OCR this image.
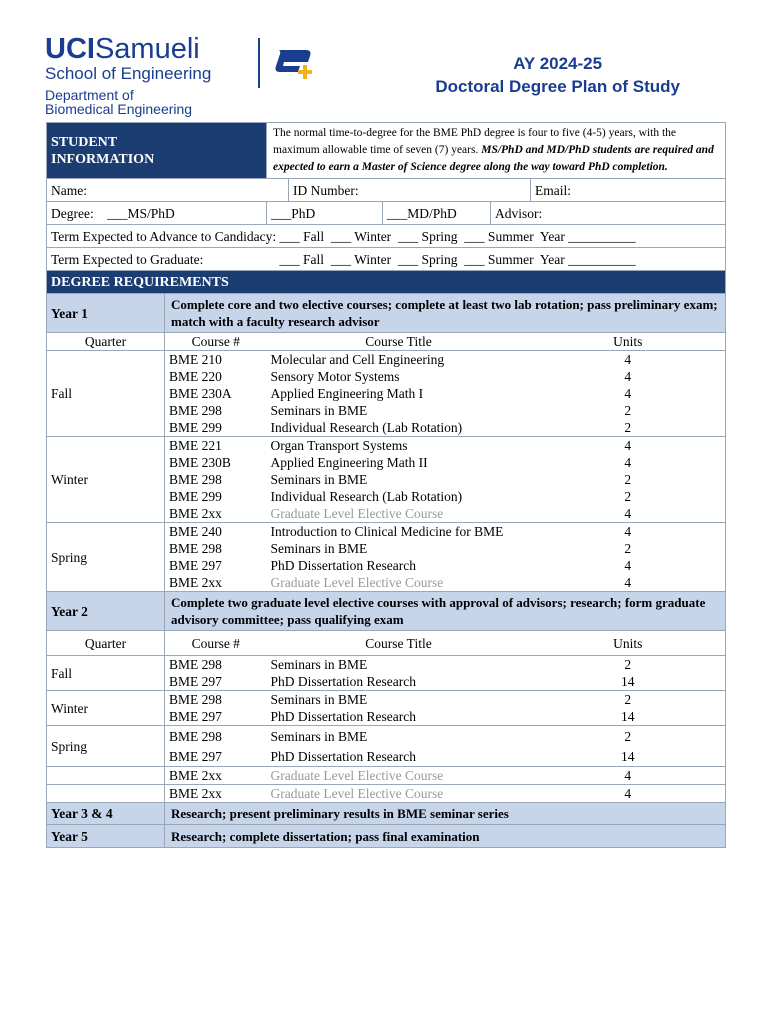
UCISamueli
School of Engineering
Department of
Biomedical Engineering
AY 2024-25
Doctoral Degree Plan of Study
STUDENT
INFORMATION		The normal time-to-degree for the BME PhD degree is four to five (4-5) years, with the maximum allowable time of seven (7) years. MS/PhD and MD/PhD students are required and expected to earn a Master of Science degree along the way toward PhD completion.				
Name:			ID Number:			Email:
Degree: ___MS/PhD		___PhD		___MD/PhD	Advisor:	
Term Expected to Advance to Candidacy: ___ Fall  ___ Winter  ___ Spring  ___ Summer  Year __________						
Term Expected to Graduate: ___ Fall  ___ Winter  ___ Spring  ___ Summer  Year __________						
DEGREE REQUIREMENTS						
Year 1	Complete core and two elective courses; complete at least two lab rotation; pass preliminary exam; match with a faculty research advisor					
Quarter	Course #	Course Title				Units
Fall	BME 210	Molecular and Cell Engineering				4
	BME 220	Sensory Motor Systems				4
	BME 230A	Applied Engineering Math I				4
	BME 298	Seminars in BME				2
	BME 299	Individual Research (Lab Rotation)				2
Winter	BME 221	Organ Transport Systems				4
	BME 230B	Applied Engineering Math II				4
	BME 298	Seminars in BME				2
	BME 299	Individual Research (Lab Rotation)				2
	BME 2xx	Graduate Level Elective Course				4
Spring	BME 240	Introduction to Clinical Medicine for BME				4
	BME 298	Seminars in BME				2
	BME 297	PhD Dissertation Research				4
	BME 2xx	Graduate Level Elective Course				4
Year 2	Complete two graduate level elective courses with approval of advisors; research; form graduate advisory committee; pass qualifying exam					
Quarter	Course #	Course Title				Units
Fall	BME 298	Seminars in BME				2
	BME 297	PhD Dissertation Research				14
Winter	BME 298	Seminars in BME				2
	BME 297	PhD Dissertation Research				14
Spring	BME 298	Seminars in BME				2
	BME 297	PhD Dissertation Research				14
	BME 2xx	Graduate Level Elective Course				4
	BME 2xx	Graduate Level Elective Course				4
Year 3 & 4	Research; present preliminary results in BME seminar series					
Year 5	Research; complete dissertation; pass final examination					
